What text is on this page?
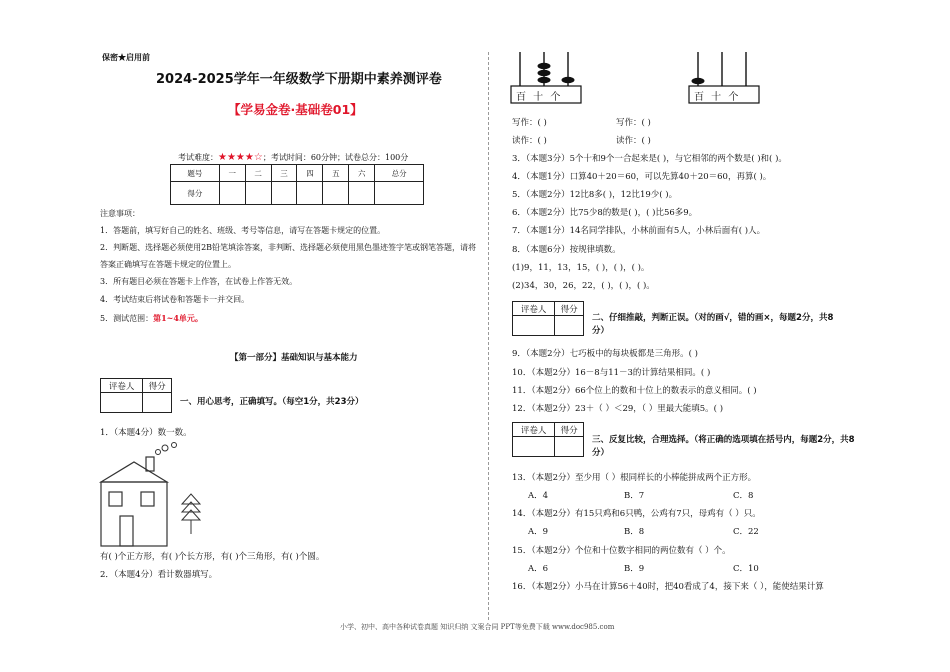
保密★启用前
2024-2025学年一年级数学下册期中素养测评卷
【学易金卷·基础卷01】
考试难度：★★★★☆；考试时间：60分钟；试卷总分：100分
题号	一	二	三	四	五	六	总分
得分							
注意事项：
1．答题前，填写好自己的姓名、班级、考号等信息，请写在答题卡规定的位置。
2．判断题、选择题必须使用2B铅笔填涂答案，非判断、选择题必须使用黑色墨迹签字笔或钢笔答题，请将
答案正确填写在答题卡规定的位置上。
3．所有题目必须在答题卡上作答，在试卷上作答无效。
4．考试结束后将试卷和答题卡一并交回。
5．测试范围：第1~4单元。
【第一部分】基础知识与基本能力
评卷人	得分

一、用心思考，正确填写。（每空1分，共23分）
1．（本题4分）数一数。
有( )个正方形，有( )个长方形，有( )个三角形，有( )个圆。
2．（本题4分）看计数器填写。
百 十 个	百 十 个
写作：( )	写作：( )
读作：( )	读作：( )
3．（本题3分）5个十和9个一合起来是( )，与它相邻的两个数是( )和( )。
4．（本题1分）口算40＋20＝60，可以先算40＋20＝60，再算( )。
5．（本题2分）12比8多( )，12比19少( )。
6．（本题2分）比75少8的数是( )，( )比56多9。
7．（本题1分）14名同学排队，小林前面有5人，小林后面有( )人。
8．（本题6分）按规律填数。
(1)9，11，13，15，( )，( )，( )。
(2)34，30，26，22，( )，( )，( )。
评卷人	得分

二、仔细推敲，判断正误。（对的画√，错的画×，每题2分，共8
分）
9．（本题2分）七巧板中的每块板都是三角形。( )
10．（本题2分）16－8与11－3的计算结果相同。( )
11．（本题2分）66个位上的数和十位上的数表示的意义相同。( )
12．（本题2分）23＋（ ）＜29，（ ）里最大能填5。( )
评卷人	得分

三、反复比较，合理选择。（将正确的选项填在括号内，每题2分，共8
分）
13．（本题2分）至少用（ ）根同样长的小棒能拼成两个正方形。
A．4	B．7	C．8
14．（本题2分）有15只鸡和6只鸭，公鸡有7只，母鸡有（ ）只。
A．9	B．8	C．22
15．（本题2分）个位和十位数字相同的两位数有（ ）个。
A．6	B．9	C．10
16．（本题2分）小马在计算56＋40时，把40看成了4，接下来（ ），能使结果计算
小学、初中、高中各种试卷真题 知识归纳 文案合同 PPT等免费下载 www.doc985.com
